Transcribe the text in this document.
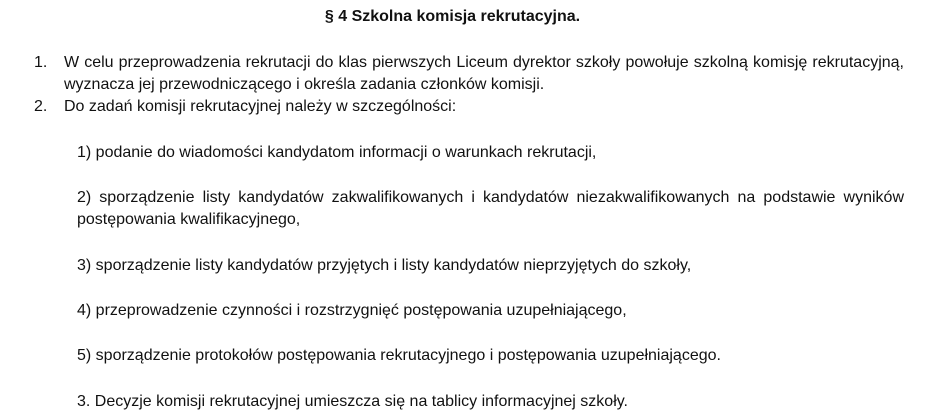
§ 4 Szkolna komisja rekrutacyjna.
1.	W celu przeprowadzenia rekrutacji do klas pierwszych Liceum dyrektor szkoły powołuje szkolną komisję rekrutacyjną, wyznacza jej przewodniczącego i określa zadania członków komisji.
2.	Do zadań komisji rekrutacyjnej należy w szczególności:
1) podanie do wiadomości kandydatom informacji o warunkach rekrutacji,
2) sporządzenie listy kandydatów zakwalifikowanych i kandydatów niezakwalifikowanych na podstawie wyników postępowania kwalifikacyjnego,
3) sporządzenie listy kandydatów przyjętych i listy kandydatów nieprzyjętych do szkoły,
4) przeprowadzenie czynności i rozstrzygnięć postępowania uzupełniającego,
5) sporządzenie protokołów postępowania rekrutacyjnego i postępowania uzupełniającego.
3. Decyzje komisji rekrutacyjnej umieszcza się na tablicy informacyjnej szkoły.
